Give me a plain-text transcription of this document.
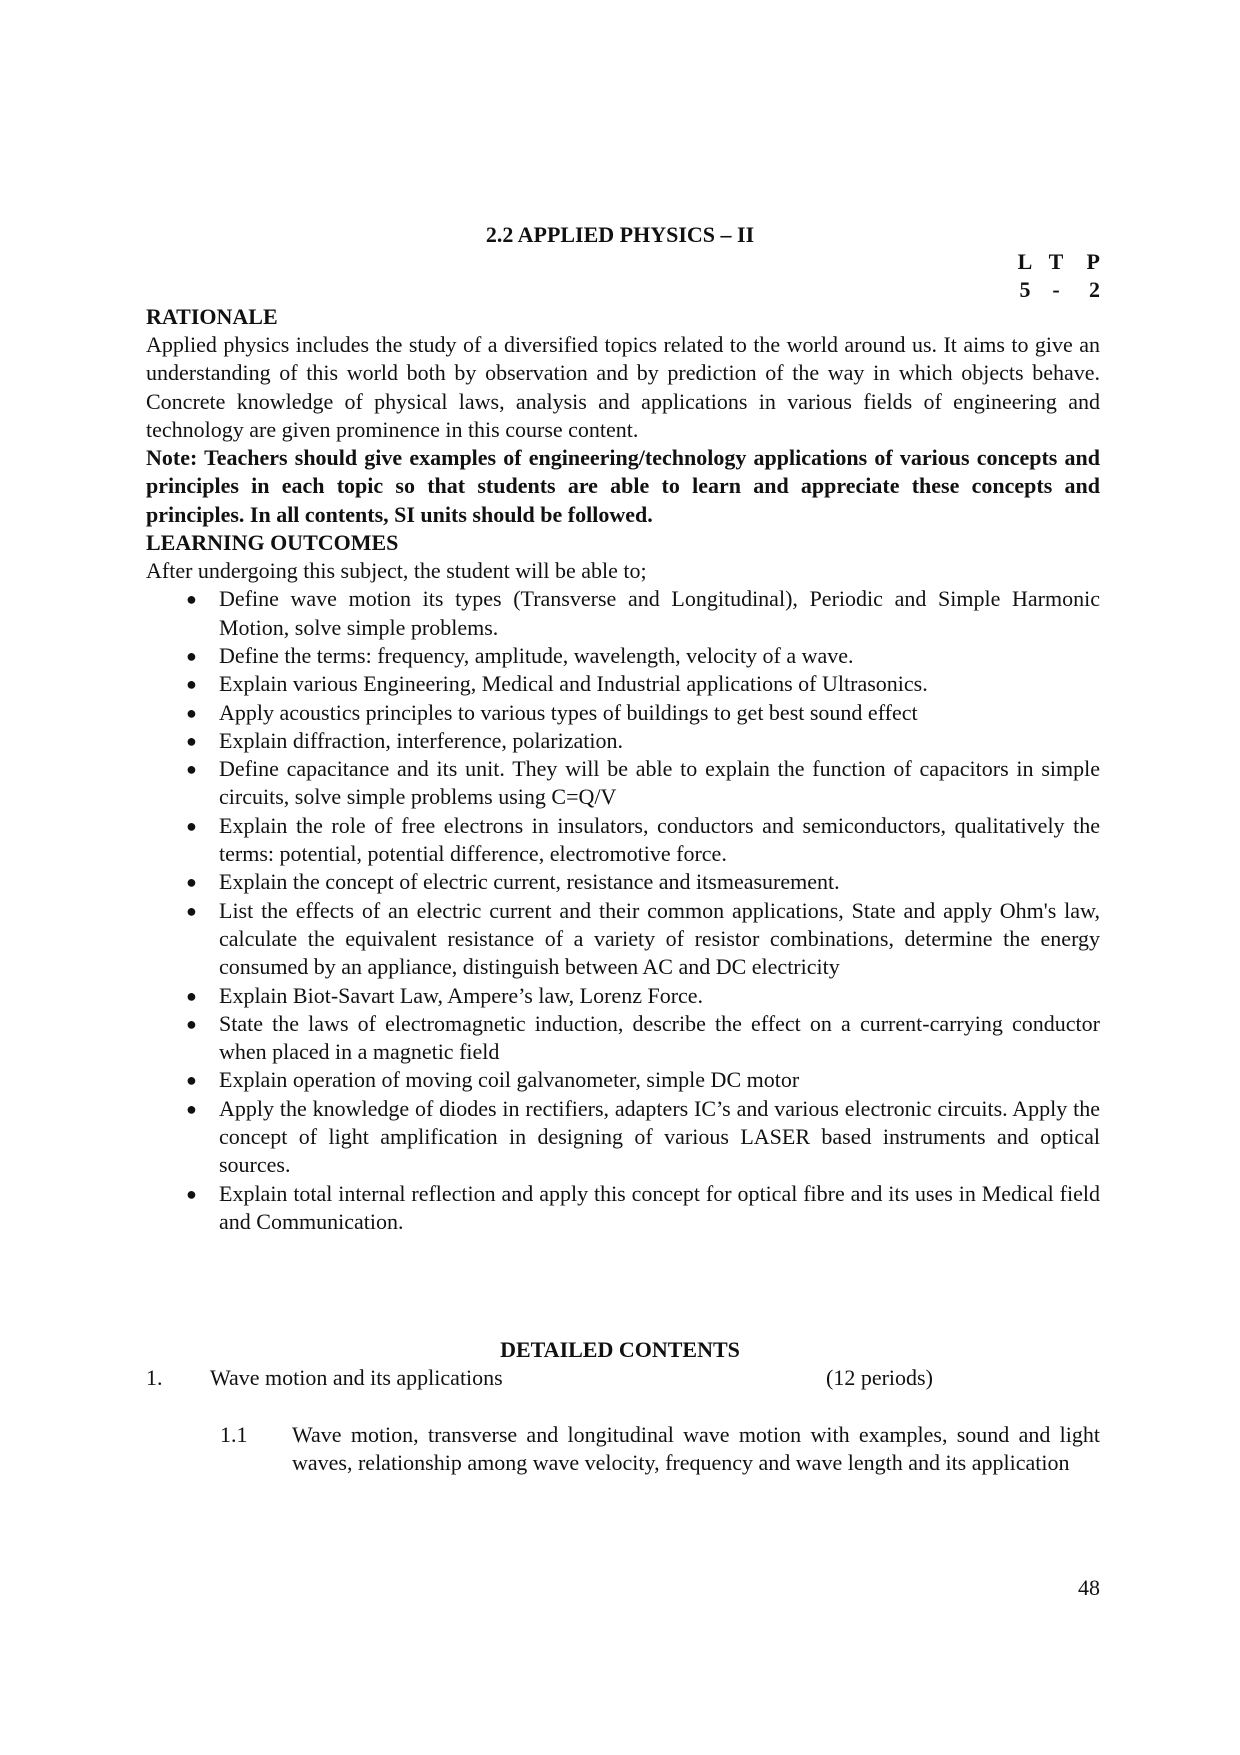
2.2 APPLIED PHYSICS – II
L T	P
5 -	2

RATIONALE

Applied physics includes the study of a diversified topics related to the world around us. It aims to give an understanding of this world both by observation and by prediction of the way in which objects behave. Concrete knowledge of physical laws, analysis and applications in various fields of engineering and technology are given prominence in this course content.

Note: Teachers should give examples of engineering/technology applications of various concepts and principles in each topic so that students are able to learn and appreciate these concepts and principles. In all contents, SI units should be followed.

LEARNING OUTCOMES

After undergoing this subject, the student will be able to;

● Define wave motion its types (Transverse and Longitudinal), Periodic and Simple Harmonic Motion, solve simple problems.
● Define the terms: frequency, amplitude, wavelength, velocity of a wave.
● Explain various Engineering, Medical and Industrial applications of Ultrasonics.
● Apply acoustics principles to various types of buildings to get best sound effect
● Explain diffraction, interference, polarization.
● Define capacitance and its unit. They will be able to explain the function of capacitors in simple circuits, solve simple problems using C=Q/V
● Explain the role of free electrons in insulators, conductors and semiconductors, qualitatively the terms: potential, potential difference, electromotive force.
● Explain the concept of electric current, resistance and itsmeasurement.
● List the effects of an electric current and their common applications, State and apply Ohm's law, calculate the equivalent resistance of a variety of resistor combinations, determine the energy consumed by an appliance, distinguish between AC and DC electricity
● Explain Biot-Savart Law, Ampere’s law, Lorenz Force.
● State the laws of electromagnetic induction, describe the effect on a current-carrying conductor when placed in a magnetic field
● Explain operation of moving coil galvanometer, simple DC motor
● Apply the knowledge of diodes in rectifiers, adapters IC’s and various electronic circuits. Apply the concept of light amplification in designing of various LASER based instruments and optical sources.
● Explain total internal reflection and apply this concept for optical fibre and its uses in Medical field and Communication.
DETAILED CONTENTS
1. Wave motion and its applications	(12 periods)
1.1 Wave motion, transverse and longitudinal wave motion with examples, sound and light waves, relationship among wave velocity, frequency and wave length and its application
48
